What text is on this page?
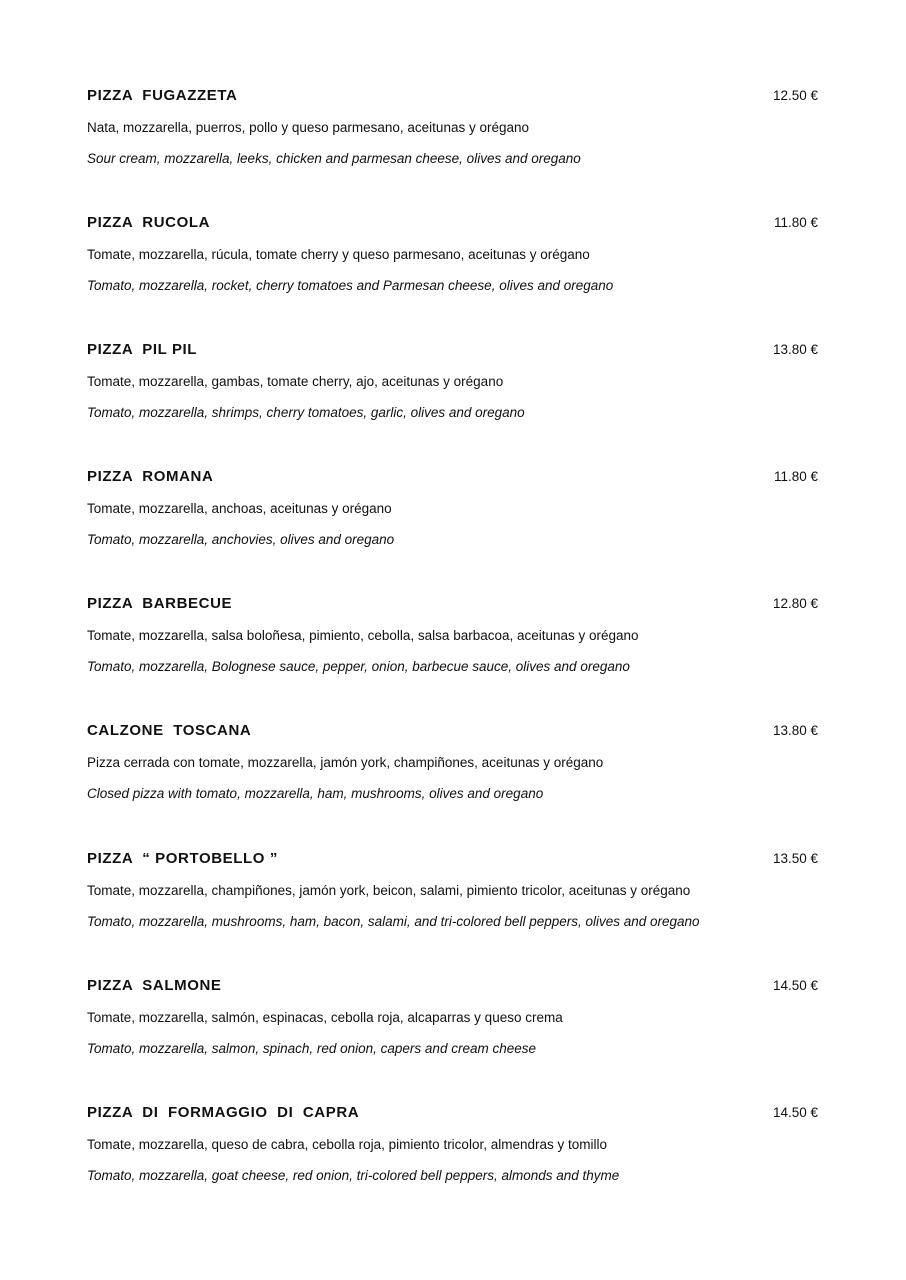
PIZZA  FUGAZZETA	12.50 €
Nata, mozzarella, puerros, pollo y queso parmesano, aceitunas y orégano
Sour cream, mozzarella, leeks, chicken and parmesan cheese, olives and oregano
PIZZA  RUCOLA	11.80 €
Tomate, mozzarella, rúcula, tomate cherry y queso parmesano, aceitunas y orégano
Tomato, mozzarella, rocket, cherry tomatoes and Parmesan cheese, olives and oregano
PIZZA  PIL PIL	13.80 €
Tomate, mozzarella, gambas, tomate cherry, ajo, aceitunas y orégano
Tomato, mozzarella, shrimps, cherry tomatoes, garlic, olives and oregano
PIZZA  ROMANA	11.80 €
Tomate, mozzarella, anchoas, aceitunas y orégano
Tomato, mozzarella, anchovies, olives and oregano
PIZZA  BARBECUE	12.80 €
Tomate, mozzarella, salsa boloñesa, pimiento, cebolla, salsa barbacoa, aceitunas y orégano
Tomato, mozzarella, Bolognese sauce, pepper, onion, barbecue sauce, olives and oregano
CALZONE  TOSCANA	13.80 €
Pizza cerrada con tomate, mozzarella, jamón york, champiñones, aceitunas y orégano
Closed pizza with tomato, mozzarella, ham, mushrooms, olives and oregano
PIZZA  “ PORTOBELLO ”	13.50 €
Tomate, mozzarella, champiñones, jamón york, beicon, salami, pimiento tricolor, aceitunas y orégano
Tomato, mozzarella, mushrooms, ham, bacon, salami, and tri-colored bell peppers, olives and oregano
PIZZA  SALMONE	14.50 €
Tomate, mozzarella, salmón, espinacas, cebolla roja, alcaparras y queso crema
Tomato, mozzarella, salmon, spinach, red onion, capers and cream cheese
PIZZA  DI  FORMAGGIO  DI  CAPRA	14.50 €
Tomate, mozzarella, queso de cabra, cebolla roja, pimiento tricolor, almendras y tomillo
Tomato, mozzarella, goat cheese, red onion, tri-colored bell peppers, almonds and thyme
